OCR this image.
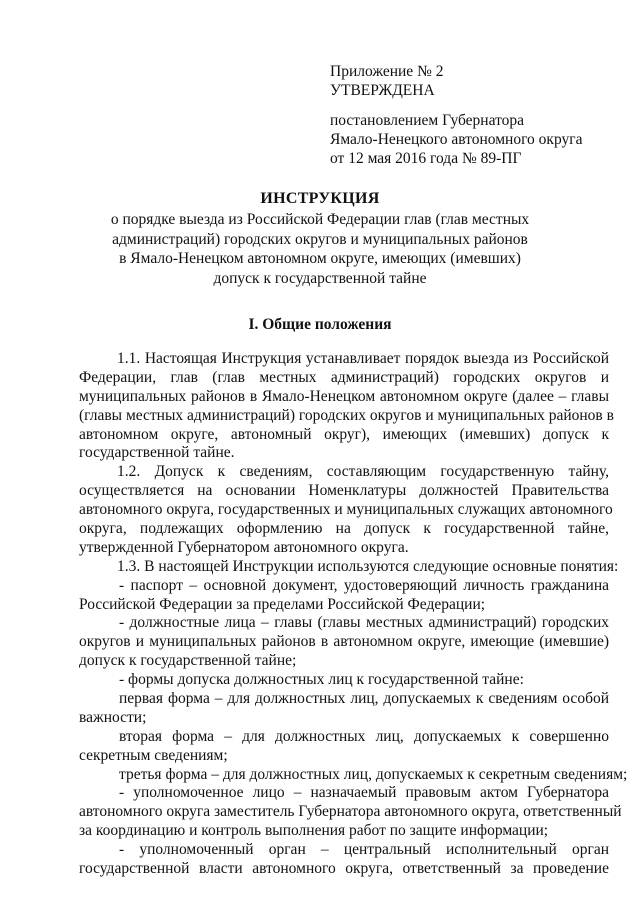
Приложение № 2
УТВЕРЖДЕНА
постановлением Губернатора
Ямало-Ненецкого автономного округа
от 12 мая 2016 года № 89-ПГ
ИНСТРУКЦИЯ
о порядке выезда из Российской Федерации глав (глав местных
администраций) городских округов и муниципальных районов
в Ямало-Ненецком автономном округе, имеющих (имевших)
допуск к государственной тайне
I. Общие положения
1.1. Настоящая Инструкция устанавливает порядок выезда из Российской
Федерации, глав (глав местных администраций) городских округов и
муниципальных районов в Ямало-Ненецком автономном округе (далее – главы
(главы местных администраций) городских округов и муниципальных районов в
автономном округе, автономный округ), имеющих (имевших) допуск к
государственной тайне.
1.2. Допуск к сведениям, составляющим государственную тайну,
осуществляется на основании Номенклатуры должностей Правительства
автономного округа, государственных и муниципальных служащих автономного
округа, подлежащих оформлению на допуск к государственной тайне,
утвержденной Губернатором автономного округа.
1.3. В настоящей Инструкции используются следующие основные понятия:
- паспорт – основной документ, удостоверяющий личность гражданина
Российской Федерации за пределами Российской Федерации;
- должностные лица – главы (главы местных администраций) городских
округов и муниципальных районов в автономном округе, имеющие (имевшие)
допуск к государственной тайне;
- формы допуска должностных лиц к государственной тайне:
первая форма – для должностных лиц, допускаемых к сведениям особой
важности;
вторая форма – для должностных лиц, допускаемых к совершенно
секретным сведениям;
третья форма – для должностных лиц, допускаемых к секретным сведениям;
- уполномоченное лицо – назначаемый правовым актом Губернатора
автономного округа заместитель Губернатора автономного округа, ответственный
за координацию и контроль выполнения работ по защите информации;
- уполномоченный орган – центральный исполнительный орган
государственной власти автономного округа, ответственный за проведение
